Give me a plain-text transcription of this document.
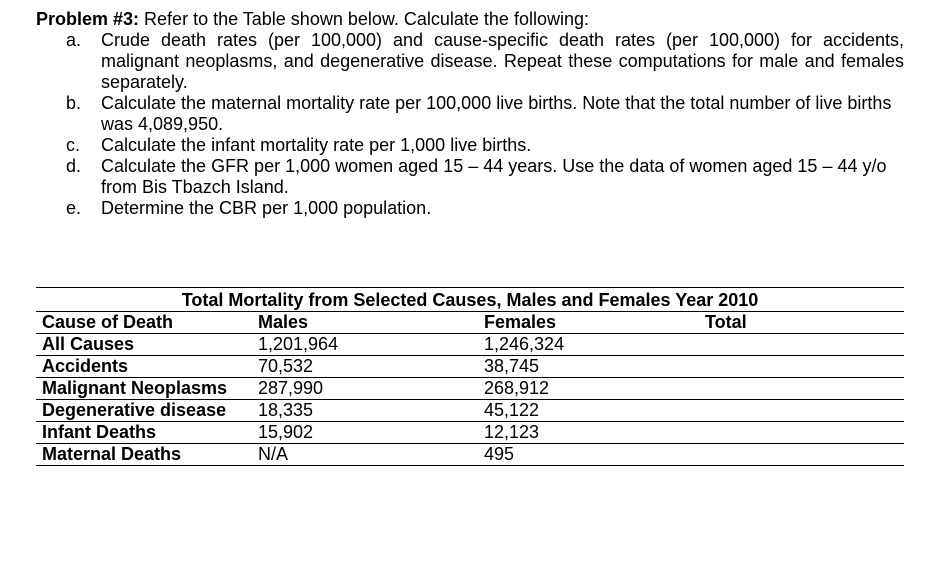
Problem #3: Refer to the Table shown below. Calculate the following:

a. Crude death rates (per 100,000) and cause-specific death rates (per 100,000) for accidents, malignant neoplasms, and degenerative disease. Repeat these computations for male and females separately.
b. Calculate the maternal mortality rate per 100,000 live births. Note that the total number of live births was 4,089,950.
c. Calculate the infant mortality rate per 1,000 live births.
d. Calculate the GFR per 1,000 women aged 15 – 44 years. Use the data of women aged 15 – 44 y/o from Bis Tbazch Island.
e. Determine the CBR per 1,000 population.
Total Mortality from Selected Causes, Males and Females Year 2010
Cause of Death	Males	Females	Total
All Causes	1,201,964	1,246,324	
Accidents	70,532	38,745	
Malignant Neoplasms	287,990	268,912	
Degenerative disease	18,335	45,122	
Infant Deaths	15,902	12,123	
Maternal Deaths	N/A	495	
